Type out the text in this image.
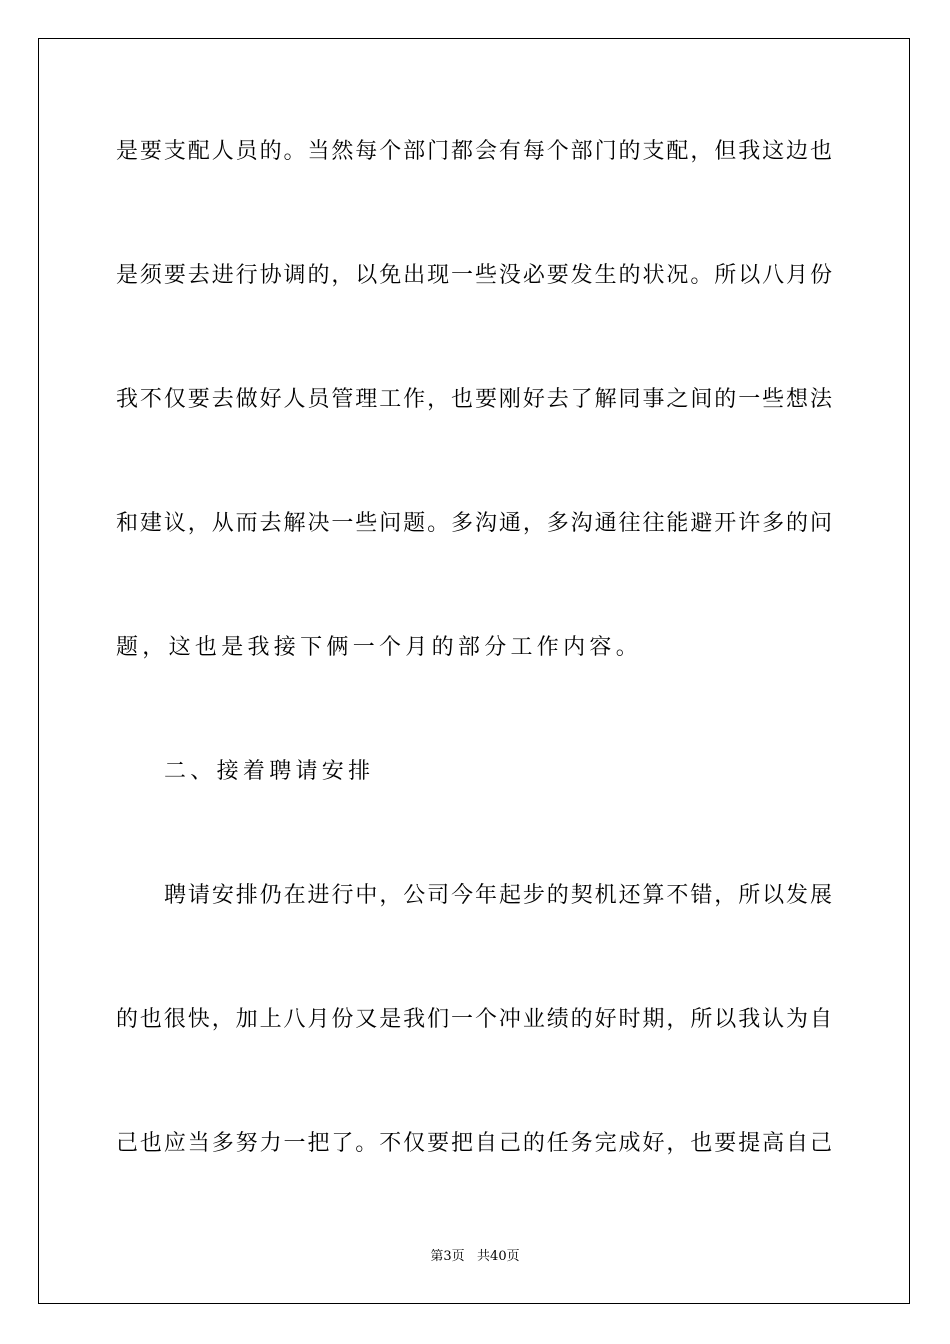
是要支配人员的。当然每个部门都会有每个部门的支配，但我这边也
是须要去进行协调的，以免出现一些没必要发生的状况。所以八月份
我不仅要去做好人员管理工作，也要刚好去了解同事之间的一些想法
和建议，从而去解决一些问题。多沟通，多沟通往往能避开许多的问
题，这也是我接下俩一个月的部分工作内容。
二、接着聘请安排
聘请安排仍在进行中，公司今年起步的契机还算不错，所以发展
的也很快，加上八月份又是我们一个冲业绩的好时期，所以我认为自
己也应当多努力一把了。不仅要把自己的任务完成好，也要提高自己
第3页   共40页
